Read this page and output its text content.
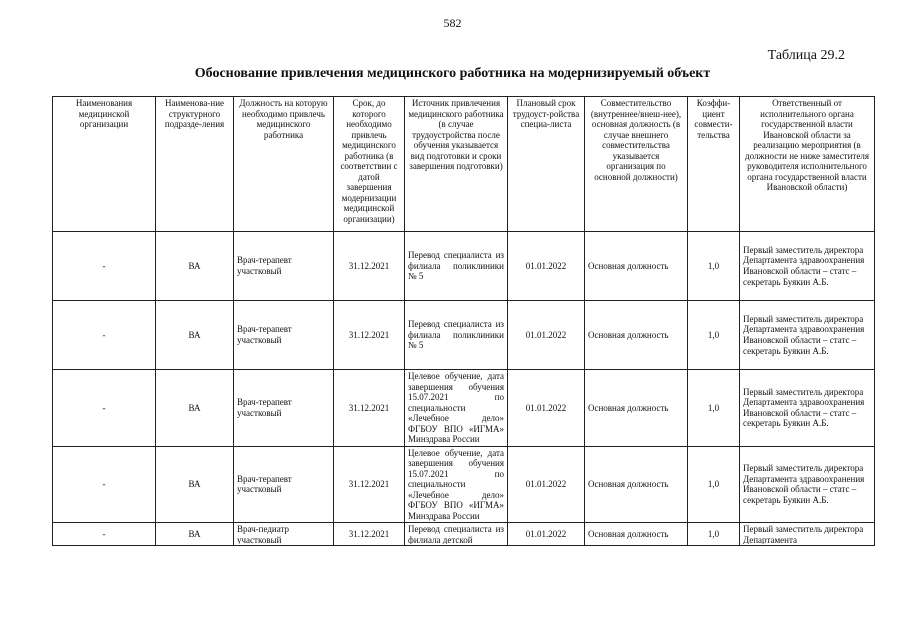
582
Таблица 29.2
Обоснование привлечения медицинского работника на модернизируемый объект
Наименования медицинской организации	Наименова-ние структурного подразде-ления	Должность на которую необходимо привлечь медицинского работника	Срок, до которого необходимо привлечь медицинского работника (в соответствии с датой завершения модернизации медицинской организации)	Источник привлечения медицинского работника (в случае трудоустройства после обучения указывается вид подготовки и сроки завершения подготовки)	Плановый срок трудоуст-ройства специа-листа	Совместительство (внутреннее/внеш-нее), основная должность (в случае внешнего совместительства указывается организация по основной должности)	Коэффи-циент совмести-тельства	Ответственный от исполнительного органа государственной власти Ивановской области за реализацию мероприятия (в должности не ниже заместителя руководителя исполнительного органа государственной власти Ивановской области)
-	ВА	Врач-терапевт участковый	31.12.2021	Перевод специалиста из филиала поликлиники № 5	01.01.2022	Основная должность	1,0	Первый заместитель директора Департамента здравоохранения Ивановской области – статс – секретарь Буякин А.Б.
-	ВА	Врач-терапевт участковый	31.12.2021	Перевод специалиста из филиала поликлиники № 5	01.01.2022	Основная должность	1,0	Первый заместитель директора Департамента здравоохранения Ивановской области – статс – секретарь Буякин А.Б.
-	ВА	Врач-терапевт участковый	31.12.2021	Целевое обучение, дата завершения обучения 15.07.2021 по специальности «Лечебное дело» ФГБОУ ВПО «ИГМА» Минздрава России	01.01.2022	Основная должность	1,0	Первый заместитель директора Департамента здравоохранения Ивановской области – статс – секретарь Буякин А.Б.
-	ВА	Врач-терапевт участковый	31.12.2021	Целевое обучение, дата завершения обучения 15.07.2021 по специальности «Лечебное дело» ФГБОУ ВПО «ИГМА» Минздрава России	01.01.2022	Основная должность	1,0	Первый заместитель директора Департамента здравоохранения Ивановской области – статс – секретарь Буякин А.Б.

-	ВА	Врач-педиатр участковый	31.12.2021	Перевод специалиста из филиала детской	01.01.2022	Основная должность	1,0	Первый заместитель директора Департамента
